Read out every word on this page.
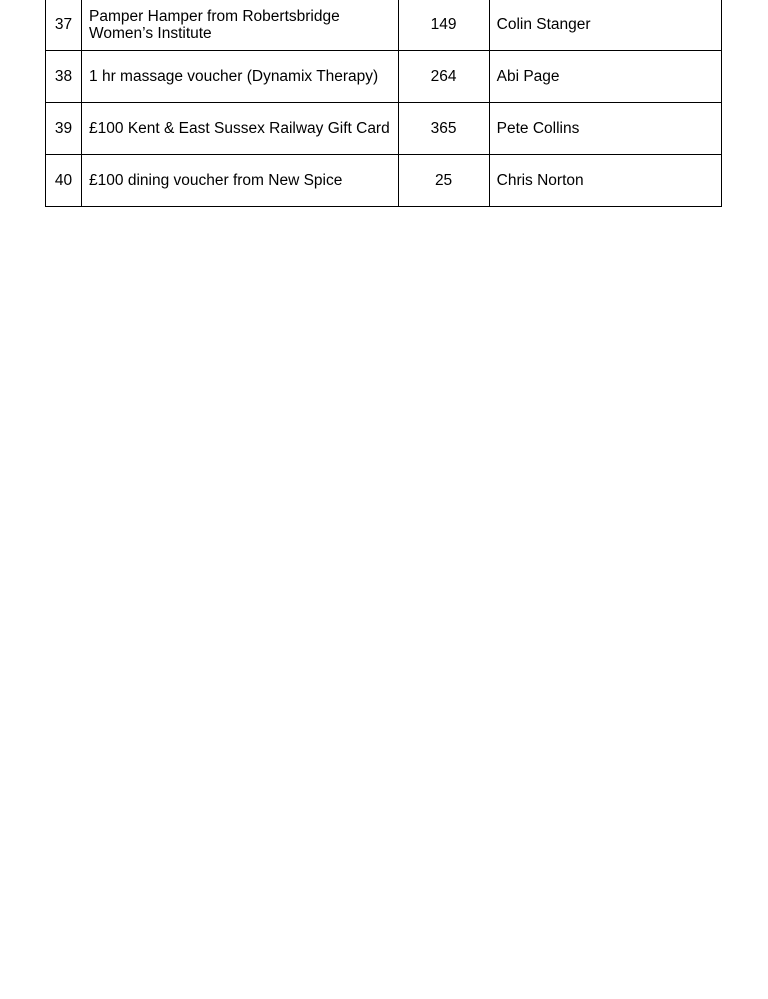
37	Pamper Hamper from Robertsbridge Women’s Institute	149	Colin Stanger
38	1 hr massage voucher (Dynamix Therapy)	264	Abi Page
39	£100 Kent & East Sussex Railway Gift Card	365	Pete Collins
40	£100 dining voucher from New Spice	25	Chris Norton
